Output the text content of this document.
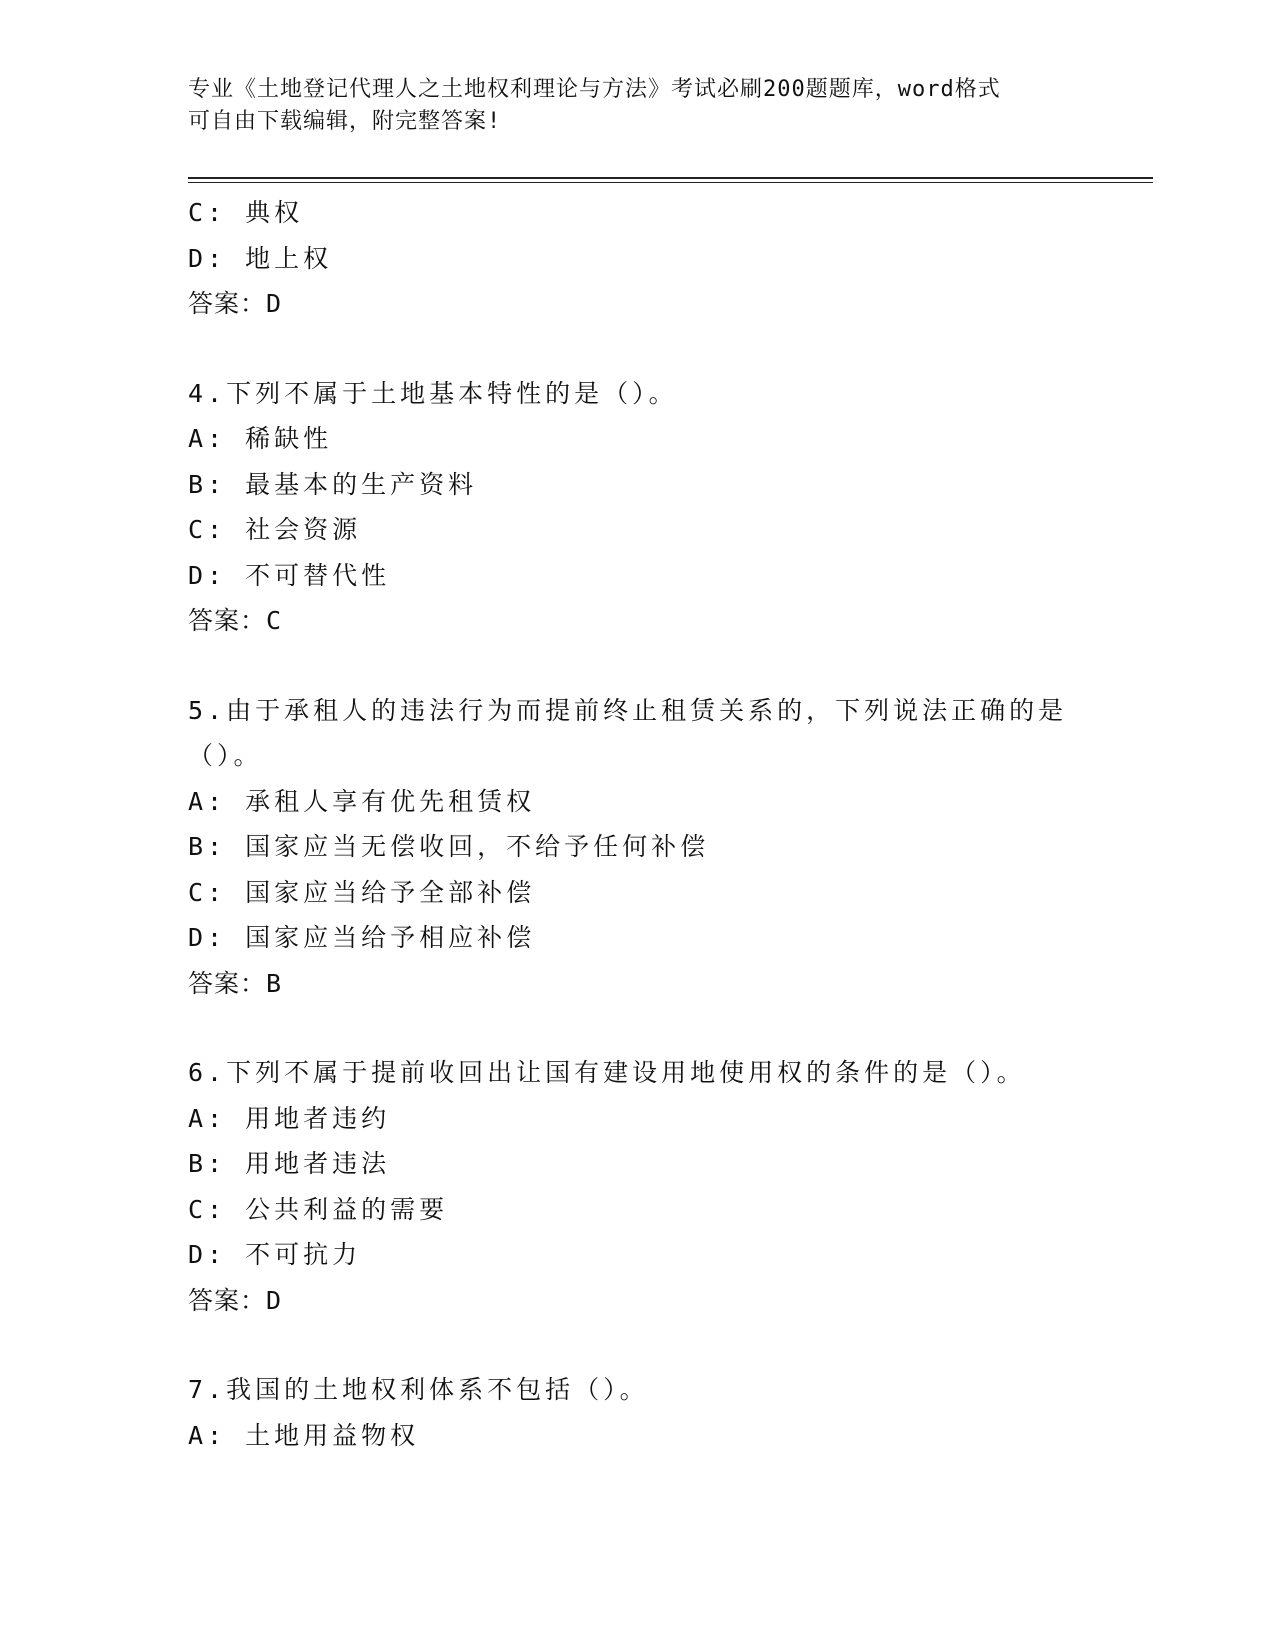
专业《土地登记代理人之土地权利理论与方法》考试必刷200题题库，word格式
可自由下载编辑，附完整答案!
C: 典权
D: 地上权
答案：D
4.下列不属于土地基本特性的是（）。
A: 稀缺性
B: 最基本的生产资料
C: 社会资源
D: 不可替代性
答案：C
5.由于承租人的违法行为而提前终止租赁关系的，下列说法正确的是（）。
A: 承租人享有优先租赁权
B: 国家应当无偿收回，不给予任何补偿
C: 国家应当给予全部补偿
D: 国家应当给予相应补偿
答案：B
6.下列不属于提前收回出让国有建设用地使用权的条件的是（）。
A: 用地者违约
B: 用地者违法
C: 公共利益的需要
D: 不可抗力
答案：D
7.我国的土地权利体系不包括（）。
A: 土地用益物权
